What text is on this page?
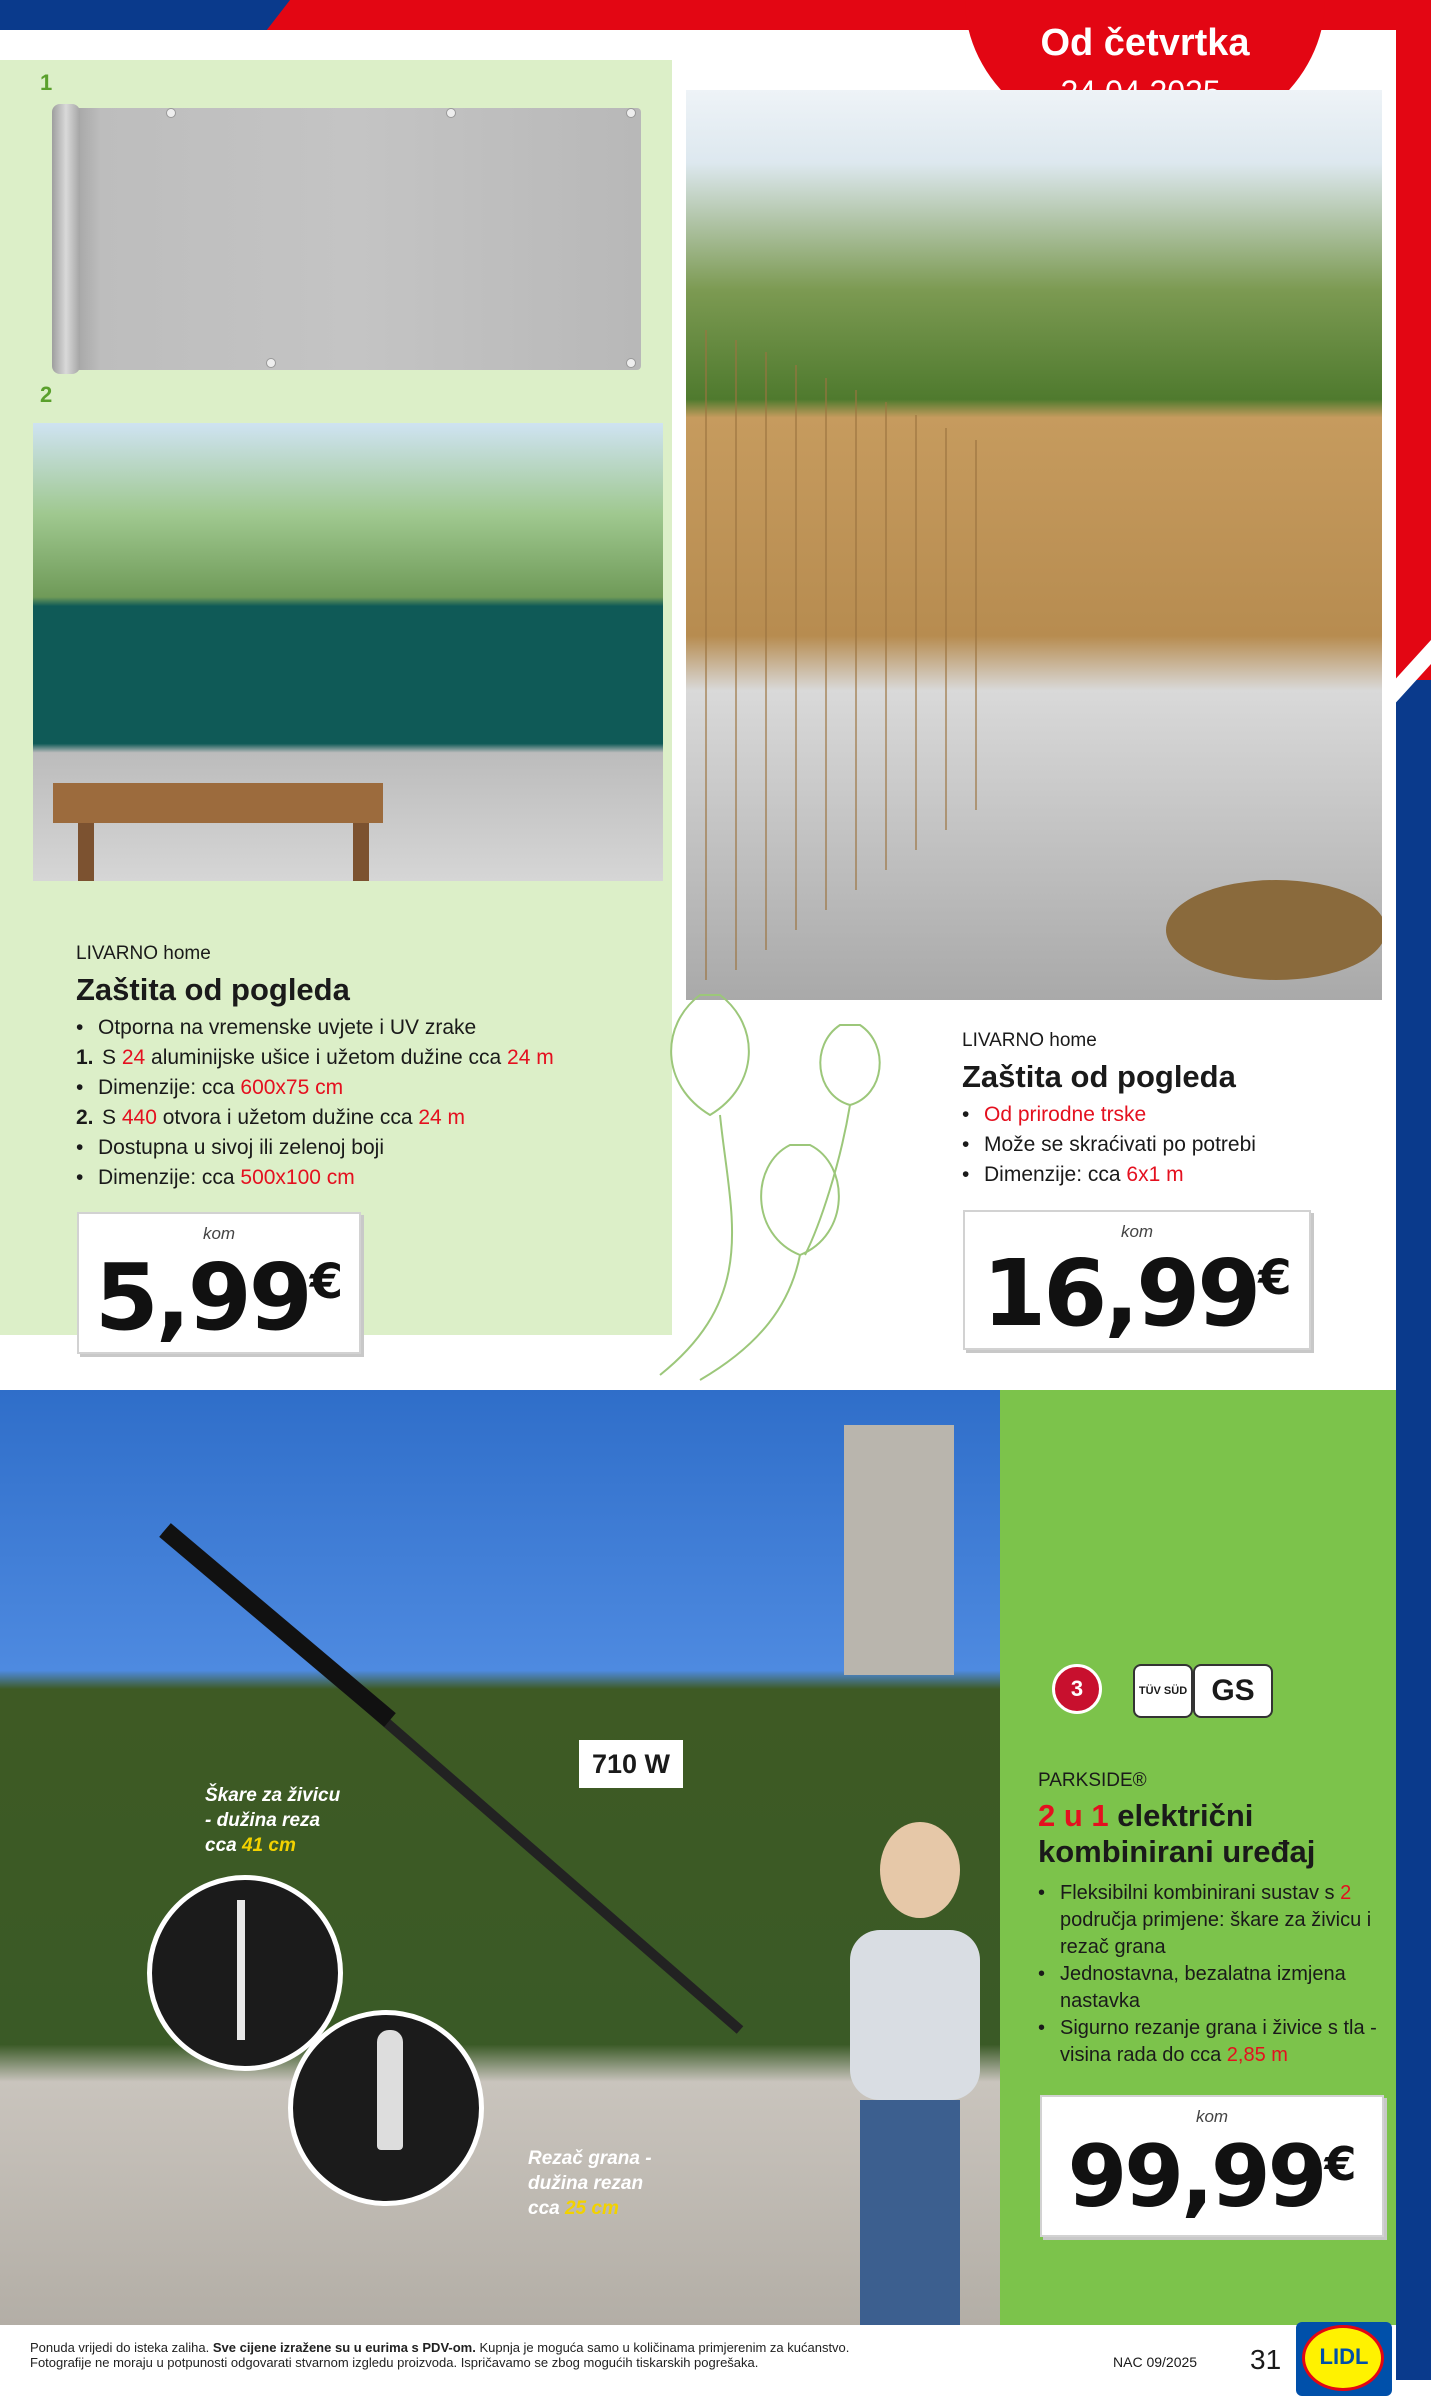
Od četvrtka
1
2
LIVARNO home
Zaštita od pogleda
• Otporna na vremenske uvjete i UV zrake
1. S 24 aluminijske ušice i užetom dužine cca 24 m
• Dimenzije: cca 600x75 cm
2. S 440 otvora i užetom dužine cca 24 m
• Dostupna u sivoj ili zelenoj boji
• Dimenzije: cca 500x100 cm
kom
5,99€
LIVARNO home
Zaštita od pogleda
• Od prirodne trske
• Može se skraćivati po potrebi
• Dimenzije: cca 6x1 m
kom
16,99€
Škare za živicu
- dužina reza
cca 41 cm
Rezač grana -
dužina rezan
cca 25 cm
710 W
3	TÜV SÜD GS
PARKSIDE®
2 u 1 električni
kombinirani uređaj
• Fleksibilni kombinirani sustav s 2 područja primjene: škare za živicu i rezač grana
• Jednostavna, bezalatna izmjena nastavka
• Sigurno rezanje grana i živice s tla - visina rada do cca 2,85 m
kom
99,99€
Ponuda vrijedi do isteka zaliha. Sve cijene izražene su u eurima s PDV-om. Kupnja je moguća samo u količinama primjerenim za kućanstvo.
Fotografije ne moraju u potpunosti odgovarati stvarnom izgledu proizvoda. Ispričavamo se zbog mogućih tiskarskih pogrešaka.	NAC 09/2025 31	LIDL
